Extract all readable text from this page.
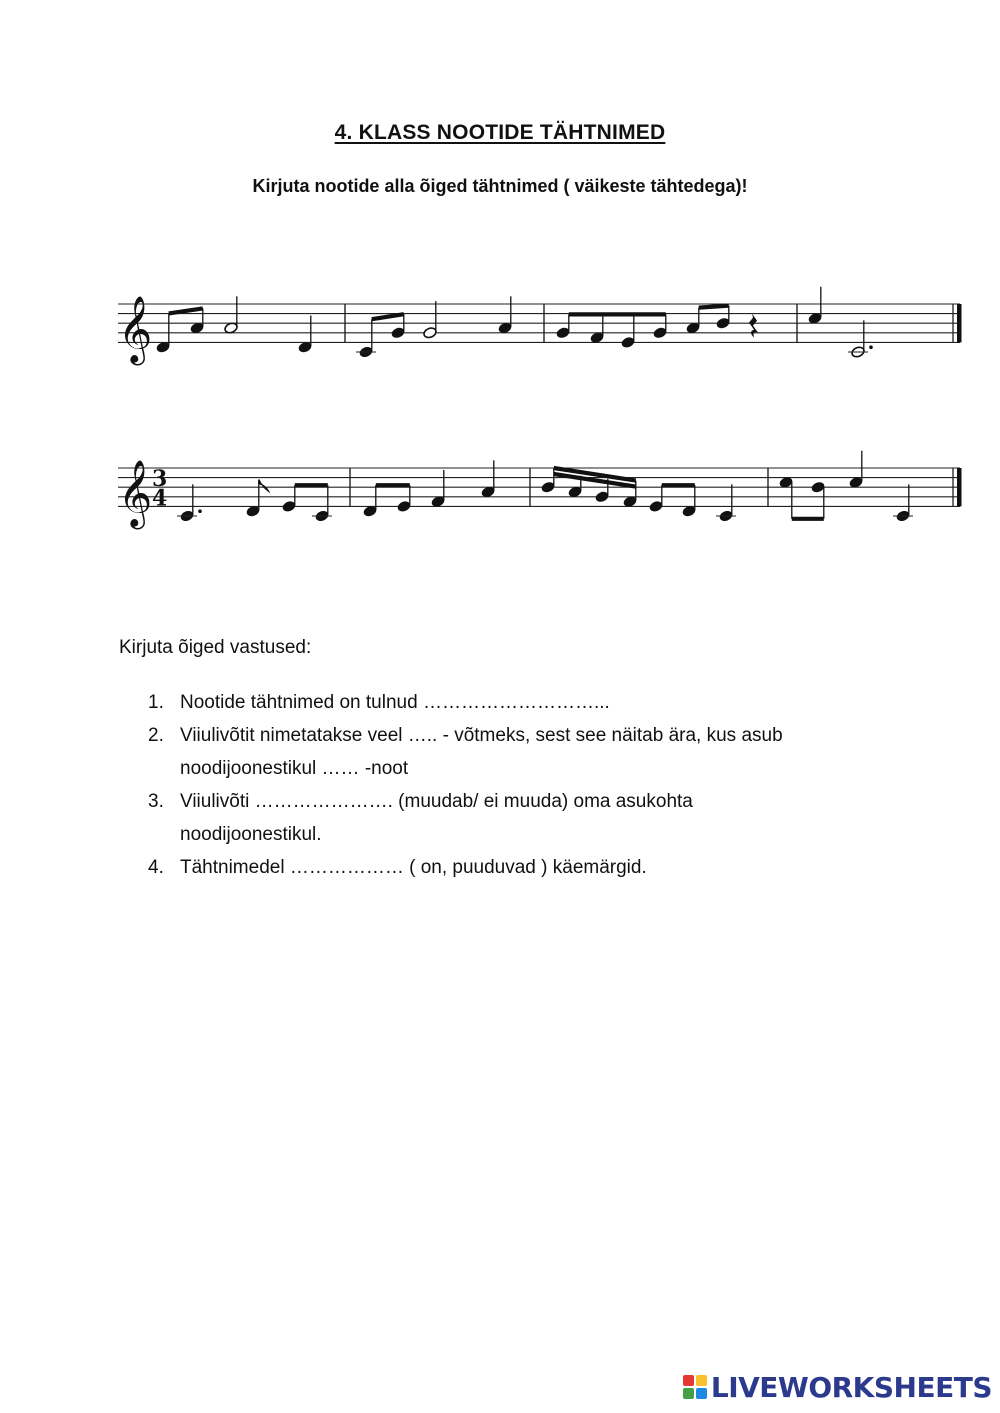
4. KLASS NOOTIDE TÄHTNIMED
Kirjuta nootide alla õiged tähtnimed ( väikeste tähtedega)!
𝄞
𝄞 3
4
Kirjuta õiged vastused:
1. Nootide tähtnimed on tulnud ………………………...
2. Viiulivõtit nimetatakse veel ….. - võtmeks, sest see näitab ära, kus asub
noodijoonestikul …… -noot
3. Viiulivõti …………………. (muudab/ ei muuda) oma asukohta
noodijoonestikul.
4. Tähtnimedel ……………… ( on, puuduvad ) käemärgid.
LIVEWORKSHEETS
